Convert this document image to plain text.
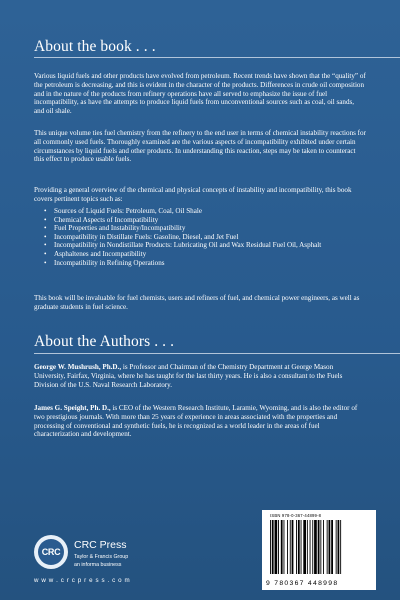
About the book . . .

Various liquid fuels and other products have evolved from petroleum. Recent trends have shown that the “quality” of the petroleum is decreasing, and this is evident in the character of the products. Differences in crude oil composition and in the nature of the products from refinery operations have all served to emphasize the issue of fuel incompatibility, as have the attempts to produce liquid fuels from unconventional sources such as coal, oil sands, and oil shale.

This unique volume ties fuel chemistry from the refinery to the end user in terms of chemical instability reactions for all commonly used fuels. Thoroughly examined are the various aspects of incompatibility exhibited under certain circumstances by liquid fuels and other products. In understanding this reaction, steps may be taken to counteract this effect to produce usable fuels.

Providing a general overview of the chemical and physical concepts of instability and incompatibility, this book covers pertinent topics such as:

• Sources of Liquid Fuels: Petroleum, Coal, Oil Shale
• Chemical Aspects of Incompatibility
• Fuel Properties and Instability/Incompatibility
• Incompatibility in Distillate Fuels: Gasoline, Diesel, and Jet Fuel
• Incompatibility in Nondistillate Products: Lubricating Oil and Wax Residual Fuel Oil, Asphalt
• Asphaltenes and Incompatibility
• Incompatibility in Refining Operations

This book will be invaluable for fuel chemists, users and refiners of fuel, and chemical power engineers, as well as graduate students in fuel science.

About the Authors . . .

George W. Mushrush, Ph.D., is Professor and Chairman of the Chemistry Department at George Mason University, Fairfax, Virginia, where he has taught for the last thirty years. He is also a consultant to the Fuels Division of the U.S. Naval Research Laboratory.

James G. Speight, Ph. D., is CEO of the Western Research Institute, Laramie, Wyoming, and is also the editor of two prestigious journals. With more than 25 years of experience in areas associated with the properties and processing of conventional and synthetic fuels, he is recognized as a world leader in the areas of fuel characterization and development.

CRC
CRC Press
Taylor & Francis Group
an informa business
w w w . c r c p r e s s . c o m
ISBN 978-0-367-44899-8
9 780367 448998
